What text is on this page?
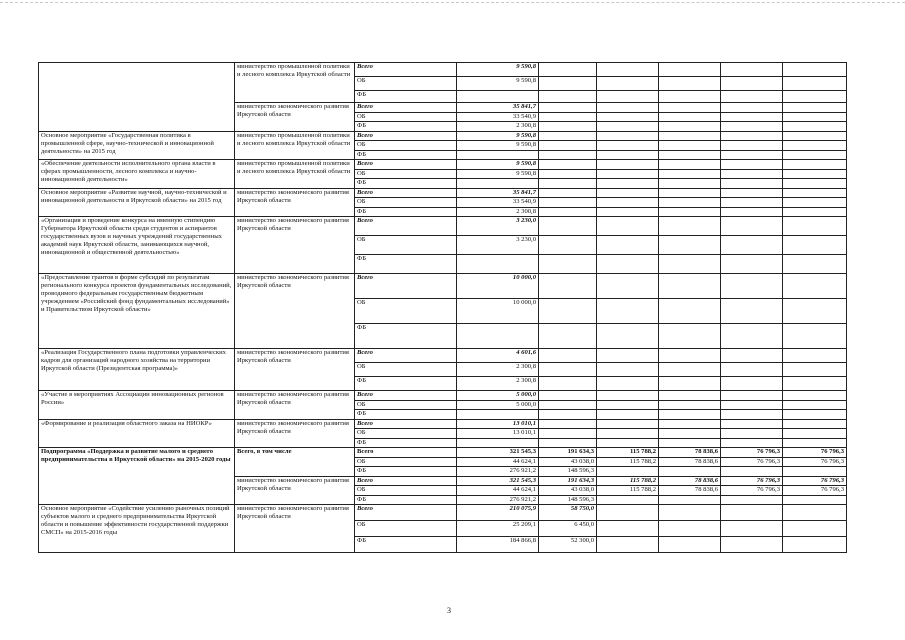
	министерство промышленной политики и лесного комплекса Иркутской области	Всего	9 590,8					
		ОБ	9 590,8					
		ФБ						
	министерство экономического развития Иркутской области	Всего	35 841,7					
		ОБ	33 540,9					
		ФБ	2 300,8					
Основное мероприятие «Государственная политика в промышленной сфере, научно-технической и инновационной деятельности» на 2015 год	министерство промышленной политики и лесного комплекса Иркутской области	Всего	9 590,8					
		ОБ	9 590,8					
		ФБ						
«Обеспечение деятельности исполнительного органа власти в сферах промышленности, лесного комплекса и научно-инновационной деятельности»	министерство промышленной политики и лесного комплекса Иркутской области	Всего	9 590,8					
		ОБ	9 590,8					
		ФБ						
Основное мероприятие «Развитие научной, научно-технической и инновационной деятельности в Иркутской области» на 2015 год	министерство экономического развития Иркутской области	Всего	35 841,7					
		ОБ	33 540,9					
		ФБ	2 300,8					
«Организация и проведение конкурса на именную стипендию Губернатора Иркутской области среди студентов и аспирантов государственных вузов и научных учреждений государственных академий наук Иркутской области, занимающихся научной, инновационной и общественной деятельностью»	министерство экономического развития Иркутской области	Всего	3 230,0					
		ОБ	3 230,0					
		ФБ						
«Предоставление грантов в форме субсидий по результатам регионального конкурса проектов фундаментальных исследований, проводимого федеральным государственным бюджетным учреждением «Российский фонд фундаментальных исследований» и Правительством Иркутской области»	министерство экономического развития Иркутской области	Всего	10 000,0					
		ОБ	10 000,0					
		ФБ						
«Реализация Государственного плана подготовки управленческих кадров для организаций народного хозяйства на территории Иркутской области (Президентская программа)»	министерство экономического развития Иркутской области	Всего	4 601,6					
		ОБ	2 300,8					
		ФБ	2 300,8					
«Участие в мероприятиях Ассоциации инновационных регионов России»	министерство экономического развития Иркутской области	Всего	5 000,0					
		ОБ	5 000,0					
		ФБ						
«Формирование и реализация областного заказа на НИОКР»	министерство экономического развития Иркутской области	Всего	13 010,1					
		ОБ	13 010,1					
		ФБ						
Подпрограмма «Поддержка и развитие малого и среднего предпринимательства в Иркутской области» на 2015-2020 годы	Всего, в том числе	Всего	321 545,3	191 634,3	115 788,2	78 838,6	76 796,3	76 796,3
		ОБ	44 624,1	43 038,0	115 788,2	78 838,6	76 796,3	76 796,3
		ФБ	276 921,2	148 596,3				
	министерство экономического развития Иркутской области	Всего	321 545,3	191 634,3	115 788,2	78 838,6	76 796,3	76 796,3
		ОБ	44 624,1	43 038,0	115 788,2	78 838,6	76 796,3	76 796,3
		ФБ	276 921,2	148 596,3				
Основное мероприятие «Содействие усилению рыночных позиций субъектов малого и среднего предпринимательства Иркутской области и повышение эффективности государственной поддержки СМСП» на 2015-2016 годы	министерство экономического развития Иркутской области	Всего	210 075,9	58 750,0				
		ОБ	25 209,1	6 450,0				
		ФБ	184 866,8	52 300,0				
3
